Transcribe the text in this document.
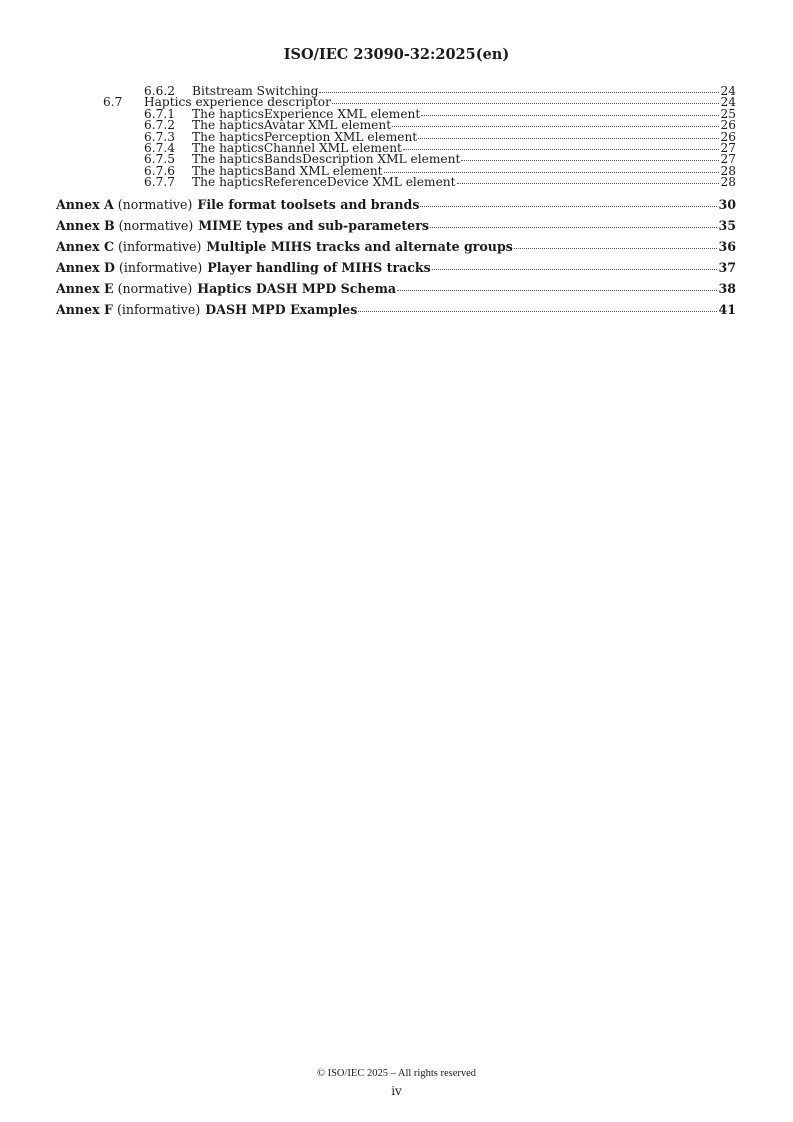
ISO/IEC 23090-32:2025(en)
6.6.2	Bitstream Switching	24
6.7	Haptics experience descriptor	24
6.7.1	The hapticsExperience XML element	25
6.7.2	The hapticsAvatar XML element	26
6.7.3	The hapticsPerception XML element	26
6.7.4	The hapticsChannel XML element	27
6.7.5	The hapticsBandsDescription XML element	27
6.7.6	The hapticsBand XML element	28
6.7.7	The hapticsReferenceDevice XML element	28
Annex A (normative) File format toolsets and brands	30
Annex B (normative) MIME types and sub-parameters	35
Annex C (informative) Multiple MIHS tracks and alternate groups	36
Annex D (informative) Player handling of MIHS tracks	37
Annex E (normative) Haptics DASH MPD Schema	38
Annex F (informative) DASH MPD Examples	41
© ISO/IEC 2025 – All rights reserved
iv
